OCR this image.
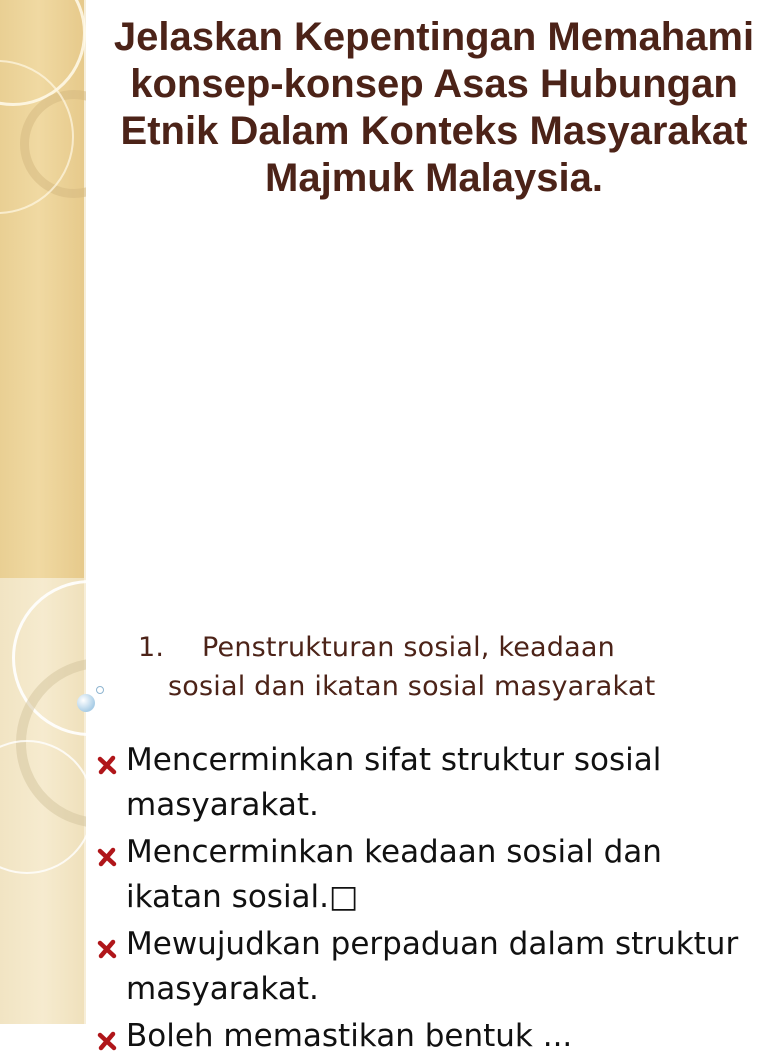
Jelaskan Kepentingan Memahami konsep-konsep Asas Hubungan Etnik Dalam Konteks Masyarakat Majmuk Malaysia.
1. Penstrukturan sosial, keadaan
sosial dan ikatan sosial masyarakat
Mencerminkan sifat struktur sosial masyarakat.
Mencerminkan keadaan sosial dan ikatan sosial.□
Mewujudkan perpaduan dalam struktur masyarakat.
Boleh memastikan bentuk ...
